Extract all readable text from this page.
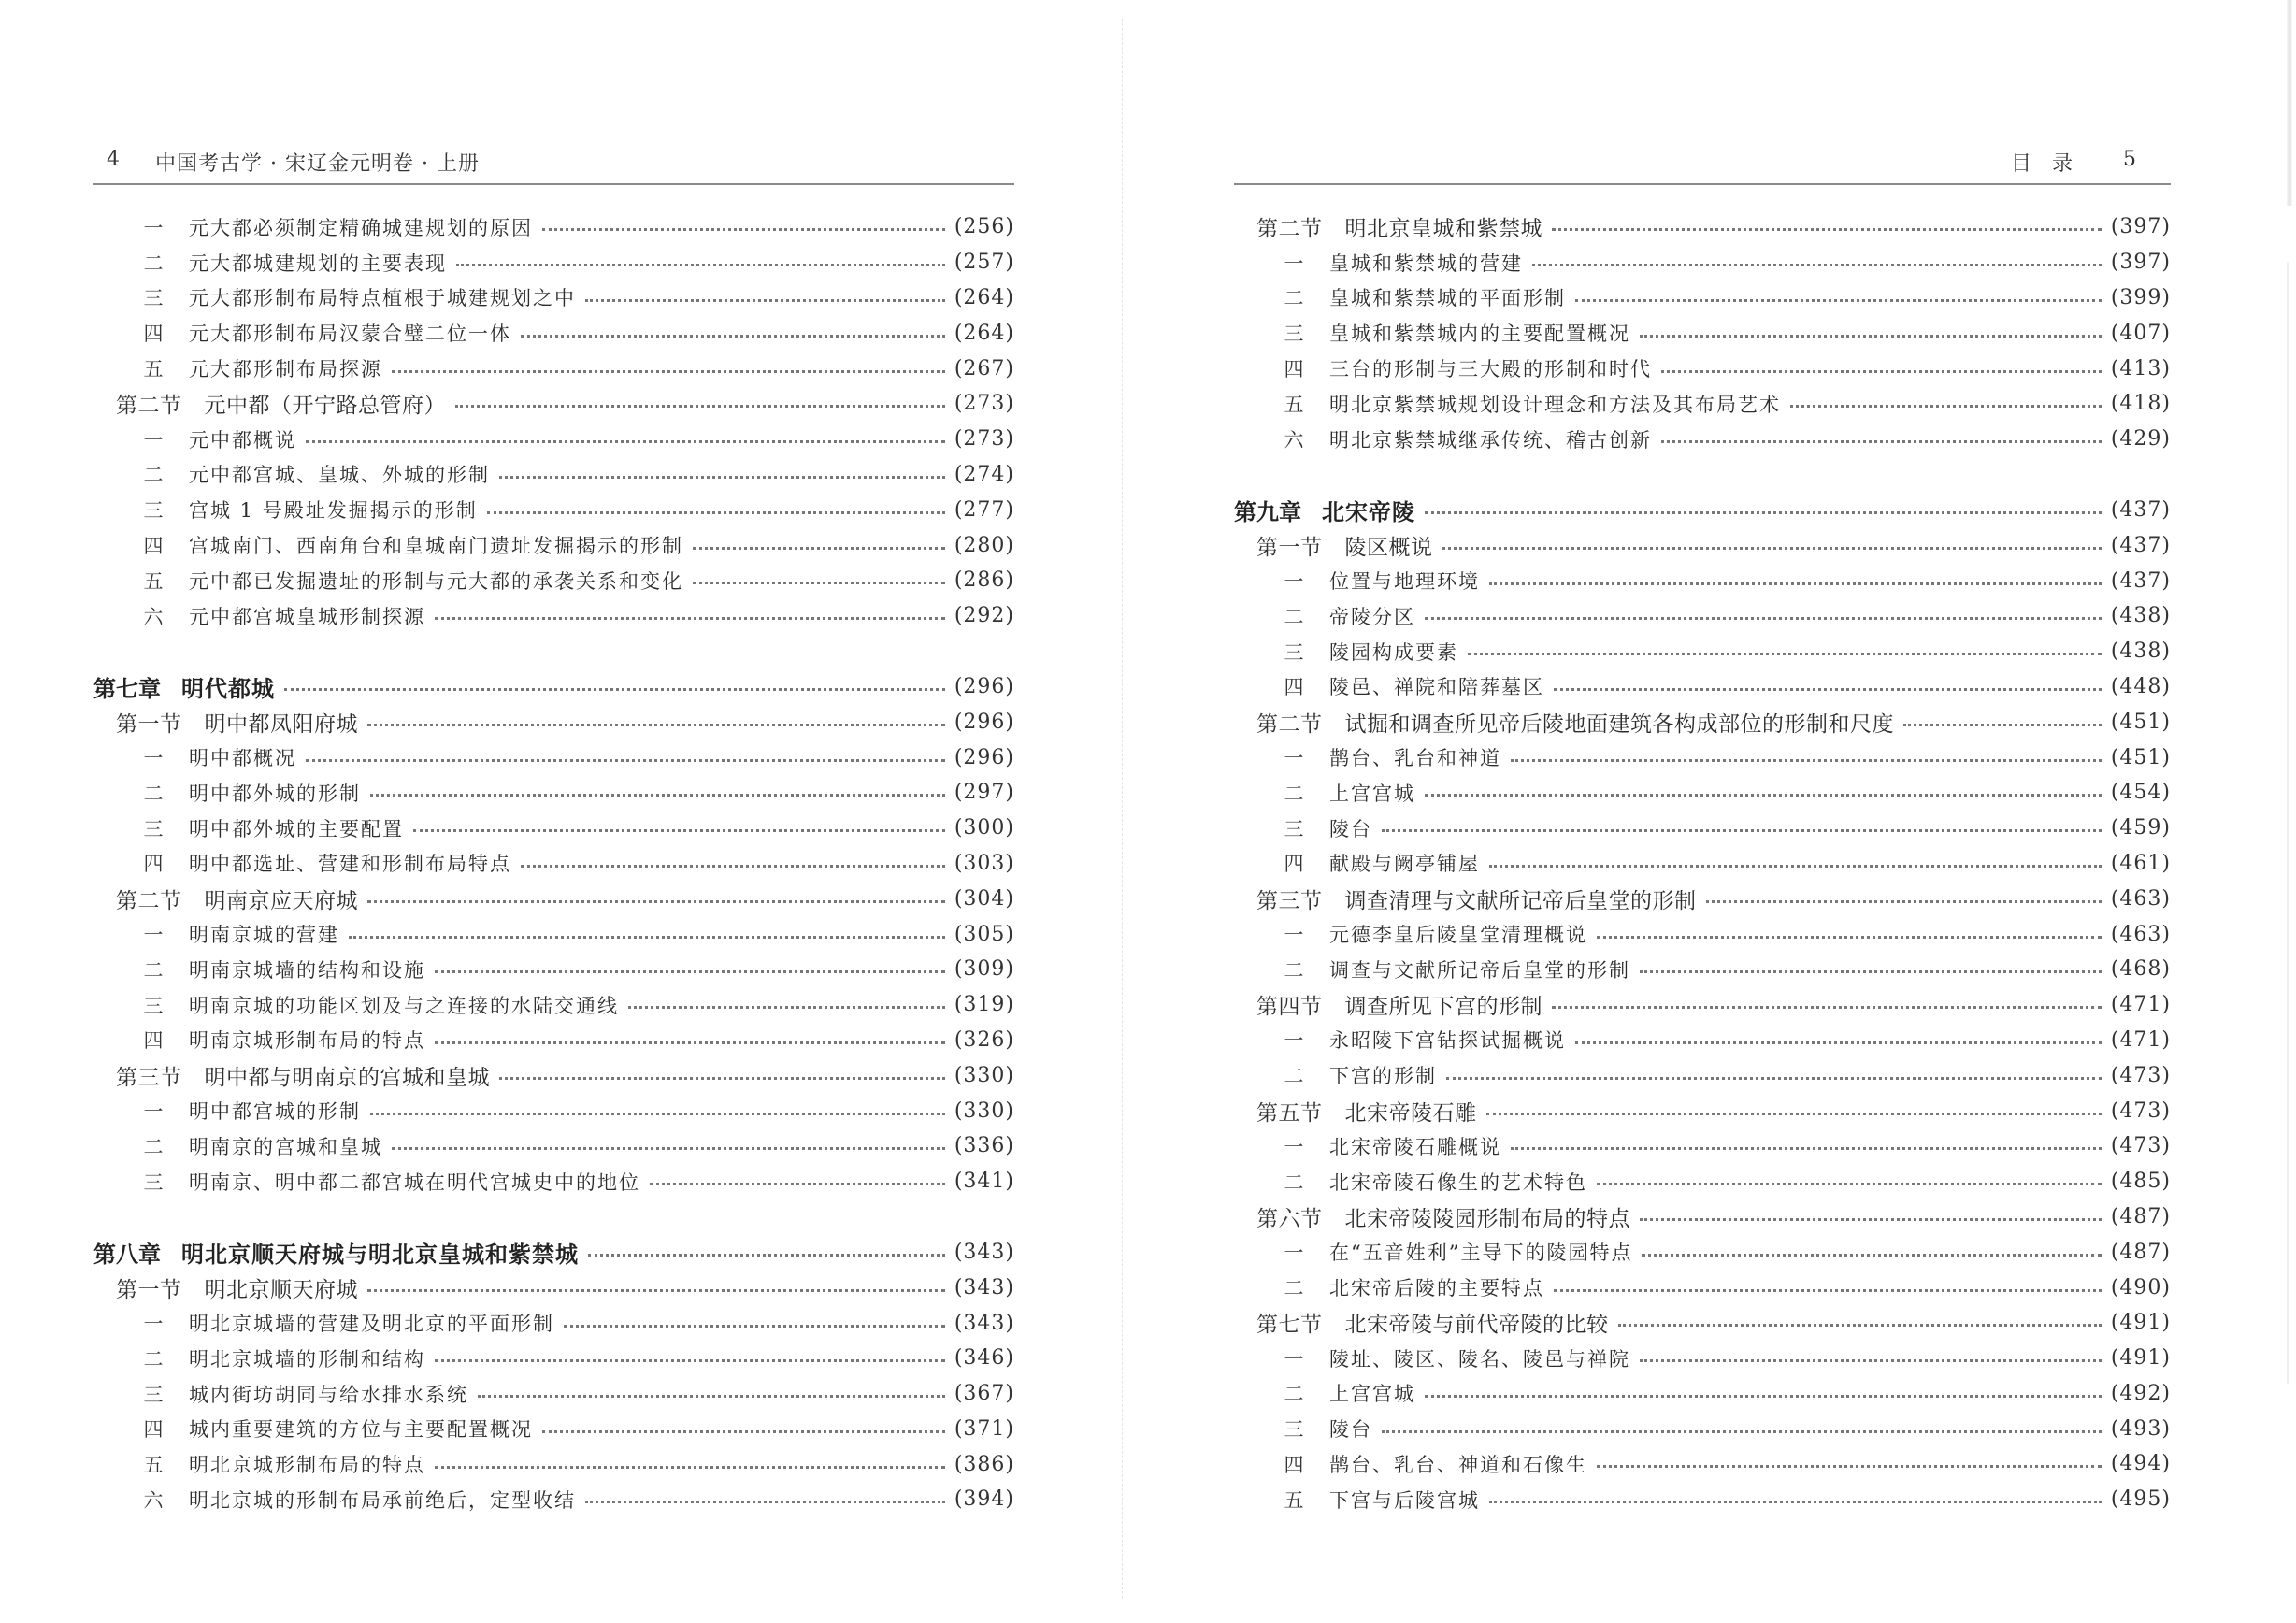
4 中国考古学 · 宋辽金元明卷 · 上册
一	元大都必须制定精确城建规划的原因	(256)
二	元大都城建规划的主要表现	(257)
三	元大都形制布局特点植根于城建规划之中	(264)
四	元大都形制布局汉蒙合璧二位一体	(264)
五	元大都形制布局探源	(267)
第二节 元中都（开宁路总管府）	(273)
一	元中都概说	(273)
二	元中都宫城、皇城、外城的形制	(274)
三	宫城 1 号殿址发掘揭示的形制	(277)
四	宫城南门、西南角台和皇城南门遗址发掘揭示的形制	(280)
五	元中都已发掘遗址的形制与元大都的承袭关系和变化	(286)
六	元中都宫城皇城形制探源	(292)
第七章 明代都城	(296)
第一节 明中都凤阳府城	(296)
一	明中都概况	(296)
二	明中都外城的形制	(297)
三	明中都外城的主要配置	(300)
四	明中都选址、营建和形制布局特点	(303)
第二节 明南京应天府城	(304)
一	明南京城的营建	(305)
二	明南京城墙的结构和设施	(309)
三	明南京城的功能区划及与之连接的水陆交通线	(319)
四	明南京城形制布局的特点	(326)
第三节 明中都与明南京的宫城和皇城	(330)
一	明中都宫城的形制	(330)
二	明南京的宫城和皇城	(336)
三	明南京、明中都二都宫城在明代宫城史中的地位	(341)
第八章 明北京顺天府城与明北京皇城和紫禁城	(343)
第一节 明北京顺天府城	(343)
一	明北京城墙的营建及明北京的平面形制	(343)
二	明北京城墙的形制和结构	(346)
三	城内街坊胡同与给水排水系统	(367)
四	城内重要建筑的方位与主要配置概况	(371)
五	明北京城形制布局的特点	(386)
六	明北京城的形制布局承前绝后，定型收结	(394)
目　录	5
第二节 明北京皇城和紫禁城	(397)
一	皇城和紫禁城的营建	(397)
二	皇城和紫禁城的平面形制	(399)
三	皇城和紫禁城内的主要配置概况	(407)
四	三台的形制与三大殿的形制和时代	(413)
五	明北京紫禁城规划设计理念和方法及其布局艺术	(418)
六	明北京紫禁城继承传统、稽古创新	(429)
第九章 北宋帝陵	(437)
第一节 陵区概说	(437)
一	位置与地理环境	(437)
二	帝陵分区	(438)
三	陵园构成要素	(438)
四	陵邑、禅院和陪葬墓区	(448)
第二节 试掘和调查所见帝后陵地面建筑各构成部位的形制和尺度	(451)
一	鹊台、乳台和神道	(451)
二	上宫宫城	(454)
三	陵台	(459)
四	献殿与阙亭铺屋	(461)
第三节 调查清理与文献所记帝后皇堂的形制	(463)
一	元德李皇后陵皇堂清理概说	(463)
二	调查与文献所记帝后皇堂的形制	(468)
第四节 调查所见下宫的形制	(471)
一	永昭陵下宫钻探试掘概说	(471)
二	下宫的形制	(473)
第五节 北宋帝陵石雕	(473)
一	北宋帝陵石雕概说	(473)
二	北宋帝陵石像生的艺术特色	(485)
第六节 北宋帝陵陵园形制布局的特点	(487)
一	在“五音姓利”主导下的陵园特点	(487)
二	北宋帝后陵的主要特点	(490)
第七节 北宋帝陵与前代帝陵的比较	(491)
一	陵址、陵区、陵名、陵邑与禅院	(491)
二	上宫宫城	(492)
三	陵台	(493)
四	鹊台、乳台、神道和石像生	(494)
五	下宫与后陵宫城	(495)
